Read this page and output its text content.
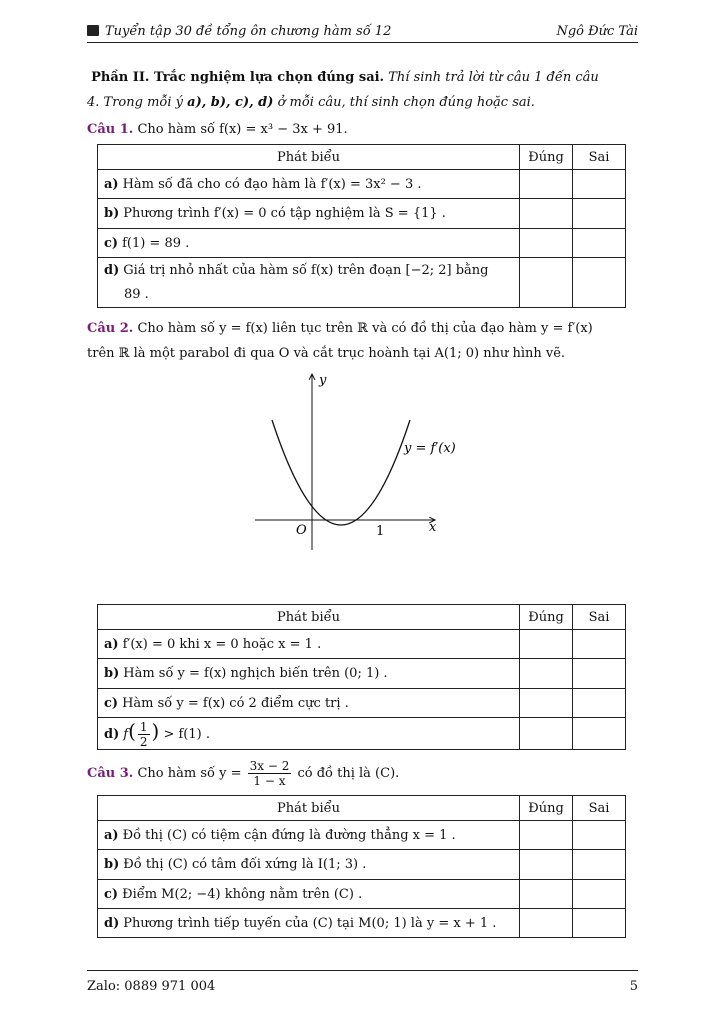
Tuyển tập 30 đề tổng ôn chương hàm số 12	Ngô Đức Tài
Phần II. Trắc nghiệm lựa chọn đúng sai. Thí sinh trả lời từ câu 1 đến câu
4. Trong mỗi ý a), b), c), d) ở mỗi câu, thí sinh chọn đúng hoặc sai.
Câu 1. Cho hàm số f(x) = x³ − 3x + 91.
Phát biểu	Đúng	Sai
a) Hàm số đã cho có đạo hàm là f′(x) = 3x² − 3 .		
b) Phương trình f′(x) = 0 có tập nghiệm là S = {1} .		
c) f(1) = 89 .		
d) Giá trị nhỏ nhất của hàm số f(x) trên đoạn [−2; 2] bằng
89 .		
Câu 2. Cho hàm số y = f(x) liên tục trên ℝ và có đồ thị của đạo hàm y = f′(x)
trên ℝ là một parabol đi qua O và cắt trục hoành tại A(1; 0) như hình vẽ.
y
x
O	1
y = f′(x)
Phát biểu	Đúng	Sai
a) f′(x) = 0 khi x = 0 hoặc x = 1 .		
b) Hàm số y = f(x) nghịch biến trên (0; 1) .		
c) Hàm số y = f(x) có 2 điểm cực trị .		
d) $f( \frac{1}{2}$ ) > f(1) .		
Câu 3. Cho hàm số $y = \frac{3x - 2}{1 - x}$ có đồ thị là (C).
Phát biểu	Đúng	Sai
a) Đồ thị (C) có tiệm cận đứng là đường thẳng x = 1 .		
b) Đồ thị (C) có tâm đối xứng là I(1; 3) .		
c) Điểm M(2; −4) không nằm trên (C) .		
d) Phương trình tiếp tuyến của (C) tại M(0; 1) là y = x + 1 .		
Zalo: 0889 971 004	5
